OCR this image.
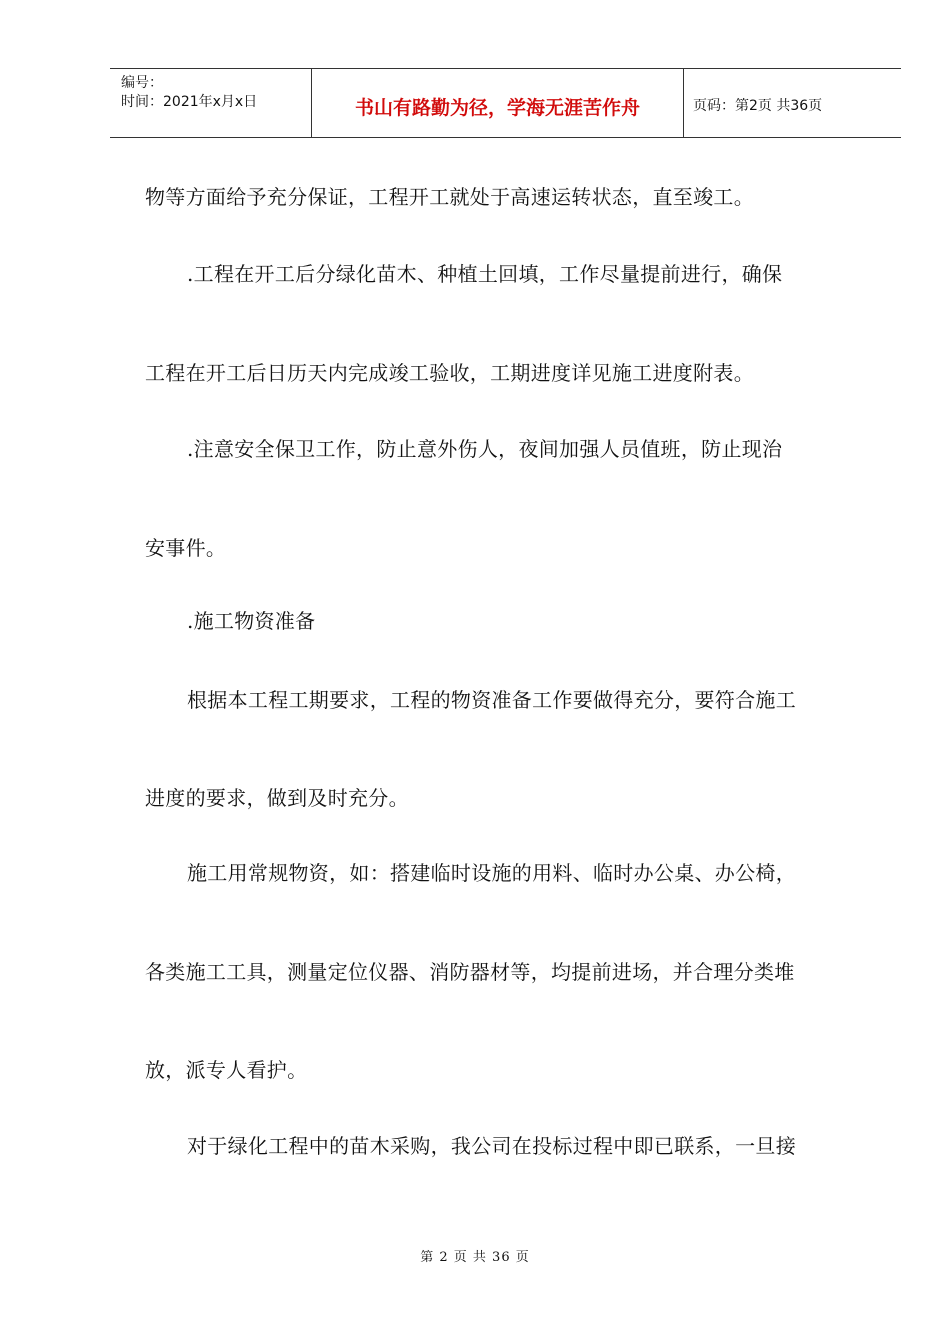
编号：
时间：2021年x月x日	书山有路勤为径，学海无涯苦作舟	页码：第2页 共36页
物等方面给予充分保证，工程开工就处于高速运转状态，直至竣工。
.工程在开工后分绿化苗木、种植土回填，工作尽量提前进行，确保
工程在开工后日历天内完成竣工验收，工期进度详见施工进度附表。
.注意安全保卫工作，防止意外伤人，夜间加强人员值班，防止现治
安事件。
.施工物资准备
根据本工程工期要求，工程的物资准备工作要做得充分，要符合施工
进度的要求，做到及时充分。
施工用常规物资，如：搭建临时设施的用料、临时办公桌、办公椅，
各类施工工具，测量定位仪器、消防器材等，均提前进场，并合理分类堆
放，派专人看护。
对于绿化工程中的苗木采购，我公司在投标过程中即已联系，一旦接
第 2 页 共 36 页
